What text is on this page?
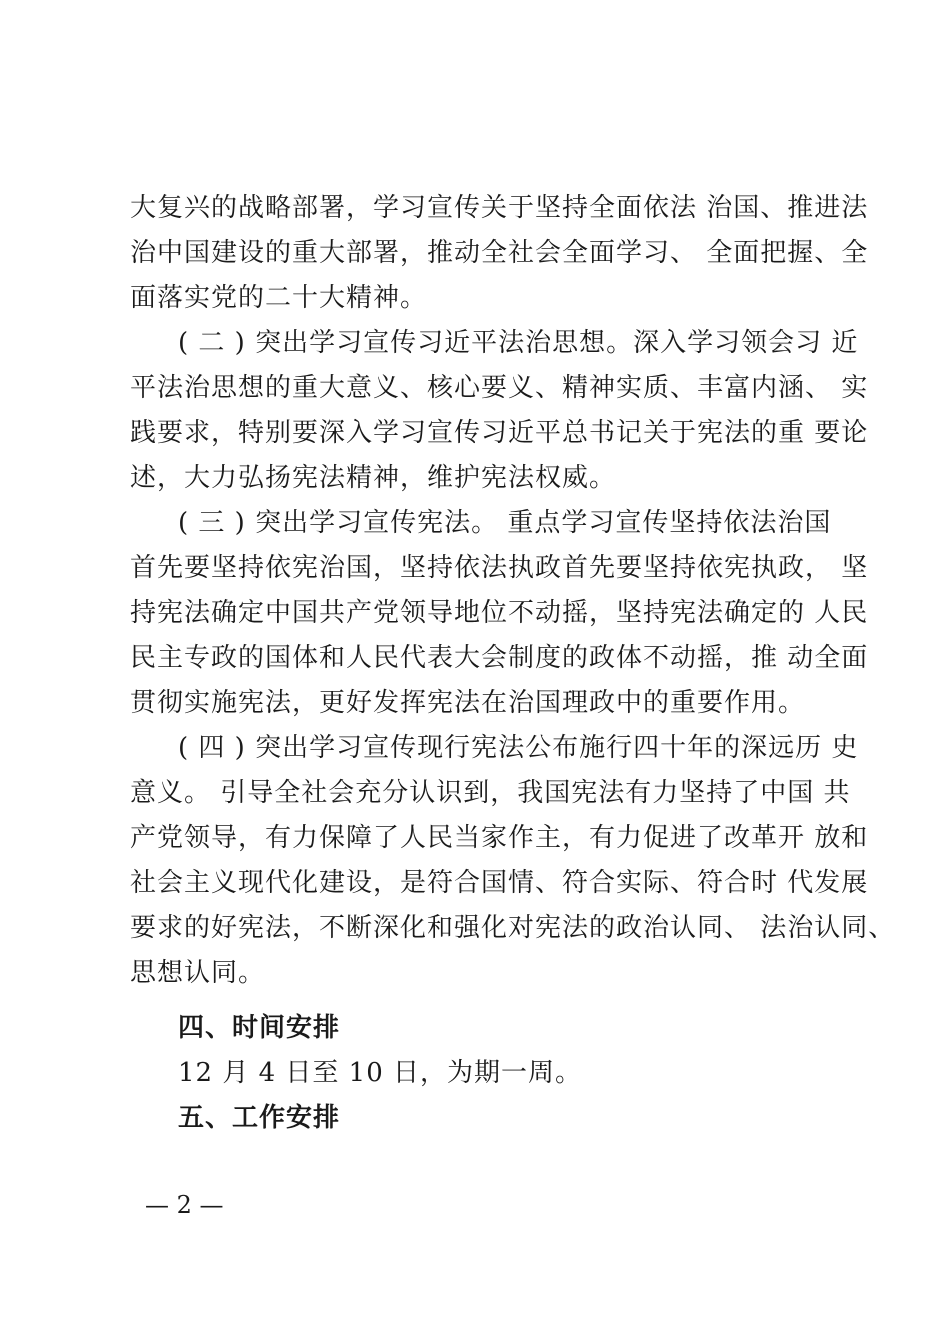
大复兴的战略部署，学习宣传关于坚持全面依法 治国、推进法
治中国建设的重大部署，推动全社会全面学习、 全面把握、全
面落实党的二十大精神。
( 二 ) 突出学习宣传习近平法治思想。深入学习领会习 近
平法治思想的重大意义、核心要义、精神实质、丰富内涵、 实
践要求，特别要深入学习宣传习近平总书记关于宪法的重 要论
述，大力弘扬宪法精神，维护宪法权威。
( 三 ) 突出学习宣传宪法。 重点学习宣传坚持依法治国
首先要坚持依宪治国，坚持依法执政首先要坚持依宪执政， 坚
持宪法确定中国共产党领导地位不动摇，坚持宪法确定的 人民
民主专政的国体和人民代表大会制度的政体不动摇，推 动全面
贯彻实施宪法，更好发挥宪法在治国理政中的重要作用。
( 四 ) 突出学习宣传现行宪法公布施行四十年的深远历 史
意义。 引导全社会充分认识到，我国宪法有力坚持了中国 共
产党领导，有力保障了人民当家作主，有力促进了改革开 放和
社会主义现代化建设，是符合国情、符合实际、符合时 代发展
要求的好宪法，不断深化和强化对宪法的政治认同、 法治认同、
思想认同。
四、时间安排
12 月 4 日至 10 日，为期一周。
五、工作安排
— 2 —
